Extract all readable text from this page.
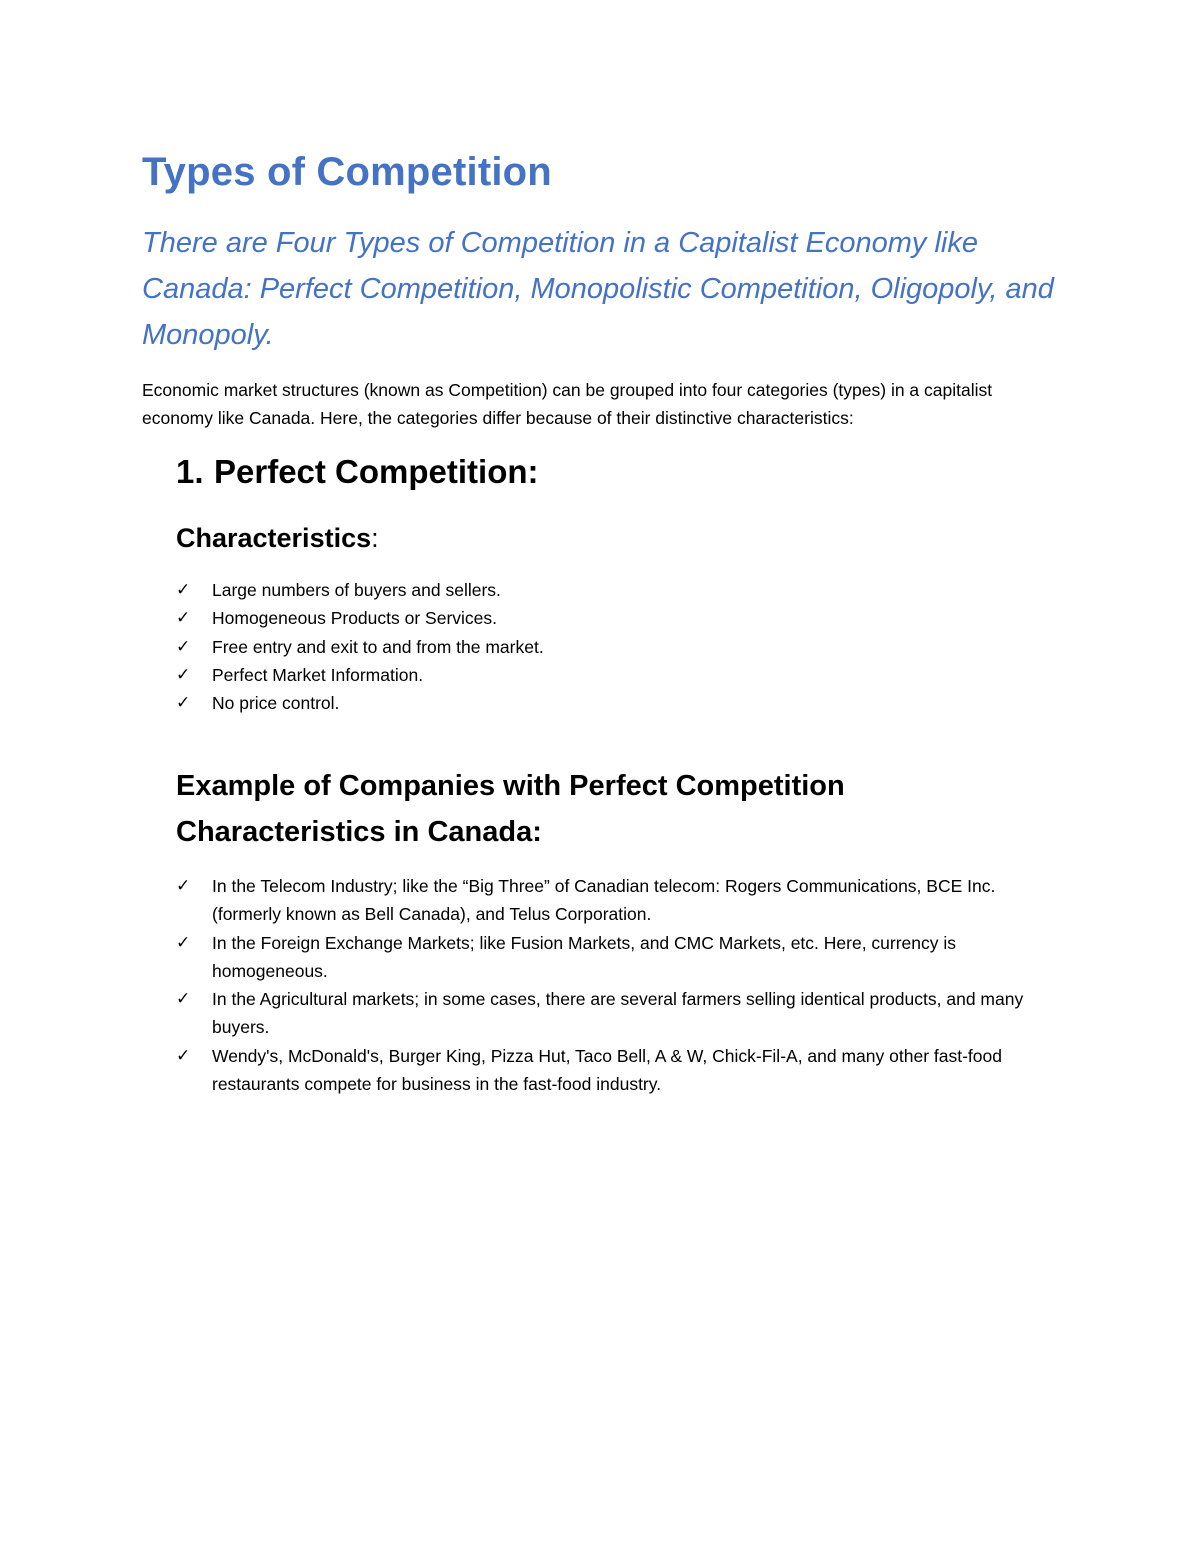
Types of Competition

There are Four Types of Competition in a Capitalist Economy like Canada: Perfect Competition, Monopolistic Competition, Oligopoly, and Monopoly.

Economic market structures (known as Competition) can be grouped into four categories (types) in a capitalist economy like Canada. Here, the categories differ because of their distinctive characteristics:

1. Perfect Competition:
Characteristics:
✓ Large numbers of buyers and sellers.
✓ Homogeneous Products or Services.
✓ Free entry and exit to and from the market.
✓ Perfect Market Information.
✓ No price control.
Example of Companies with Perfect Competition Characteristics in Canada:
✓ In the Telecom Industry; like the “Big Three” of Canadian telecom: Rogers Communications, BCE Inc. (formerly known as Bell Canada), and Telus Corporation.
✓ In the Foreign Exchange Markets; like Fusion Markets, and CMC Markets, etc. Here, currency is homogeneous.
✓ In the Agricultural markets; in some cases, there are several farmers selling identical products, and many buyers.
✓ Wendy's, McDonald's, Burger King, Pizza Hut, Taco Bell, A & W, Chick-Fil-A, and many other fast-food restaurants compete for business in the fast-food industry.
